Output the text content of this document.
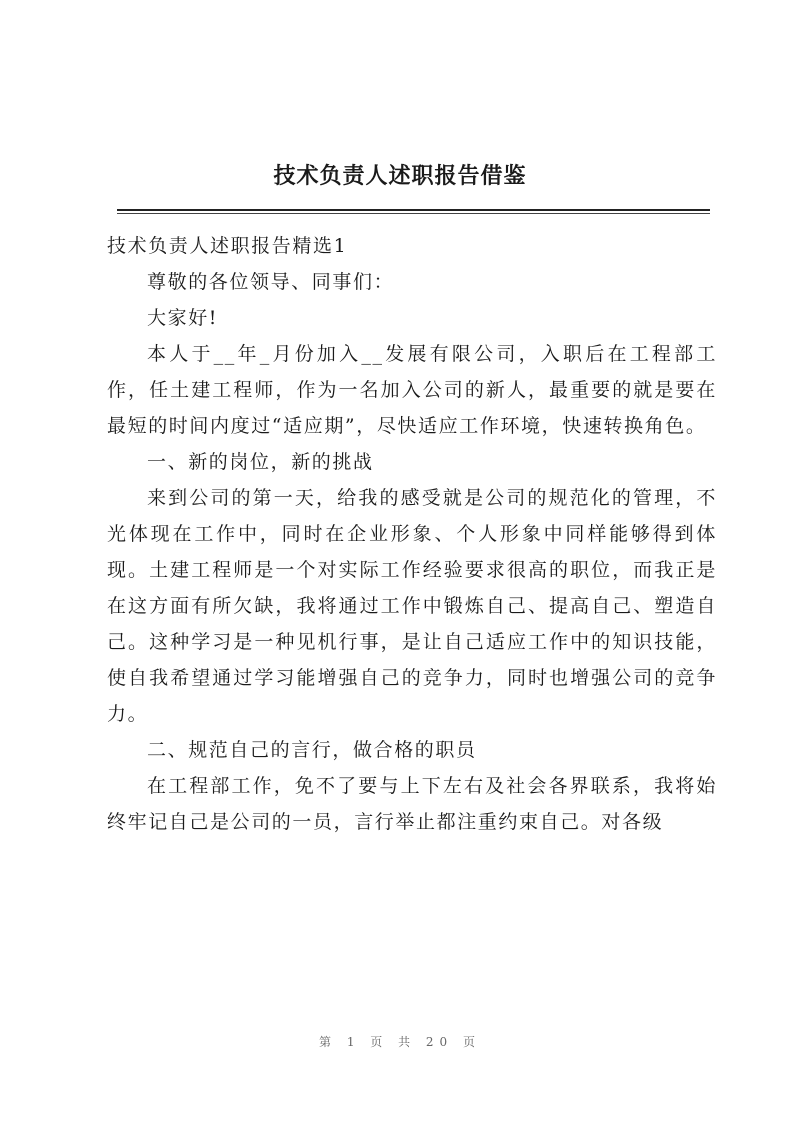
技术负责人述职报告借鉴

技术负责人述职报告精选1

尊敬的各位领导、同事们：

大家好!

本人于__年_月份加入__发展有限公司，入职后在工程部工作，任土建工程师，作为一名加入公司的新人，最重要的就是要在最短的时间内度过“适应期”，尽快适应工作环境，快速转换角色。

一、新的岗位，新的挑战

来到公司的第一天，给我的感受就是公司的规范化的管理，不光体现在工作中，同时在企业形象、个人形象中同样能够得到体现。土建工程师是一个对实际工作经验要求很高的职位，而我正是在这方面有所欠缺，我将通过工作中锻炼自己、提高自己、塑造自己。这种学习是一种见机行事，是让自己适应工作中的知识技能，使自我希望通过学习能增强自己的竞争力，同时也增强公司的竞争力。

二、规范自己的言行，做合格的职员

在工程部工作，免不了要与上下左右及社会各界联系，我将始终牢记自己是公司的一员，言行举止都注重约束自己。对各级

第 1 页 共 20 页
